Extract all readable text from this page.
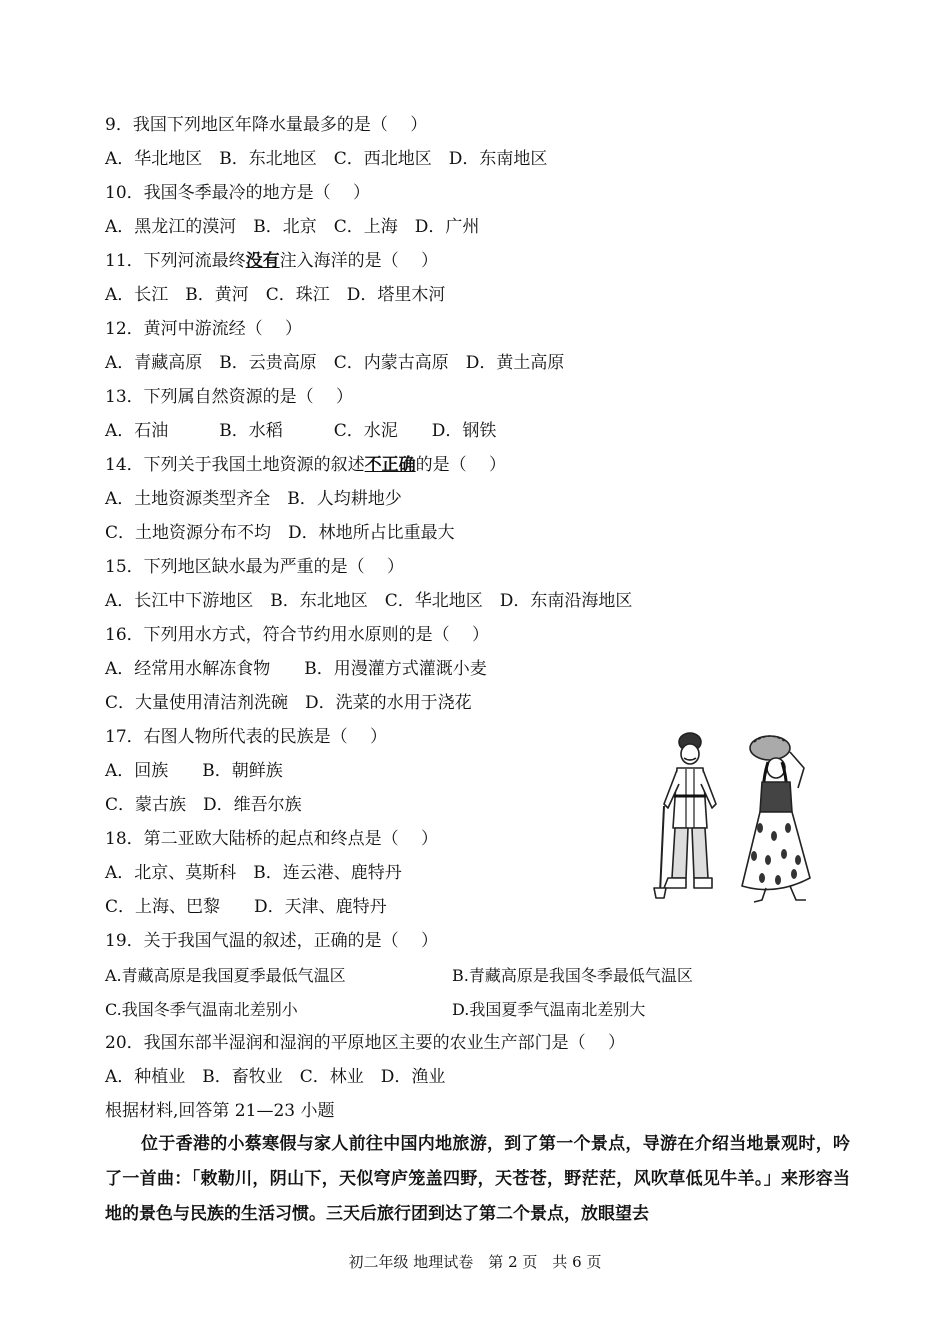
9．我国下列地区年降水量最多的是（　 ）
A．华北地区　B．东北地区　C．西北地区　D．东南地区
10．我国冬季最冷的地方是（　 ）
A．黑龙江的漠河　B．北京　C．上海　D．广州
11．下列河流最终没有注入海洋的是（　 ）
A．长江　B．黄河　C．珠江　D．塔里木河
12．黄河中游流经（　 ）
A．青藏高原　B．云贵高原　C．内蒙古高原　D．黄土高原
13．下列属自然资源的是（　 ）
A．石油　　　B．水稻　　　C．水泥　　D．钢铁
14．下列关于我国土地资源的叙述不正确的是（　 ）
A．土地资源类型齐全　B．人均耕地少
C．土地资源分布不均　D．林地所占比重最大
15．下列地区缺水最为严重的是（　 ）
A．长江中下游地区　B．东北地区　C．华北地区　D．东南沿海地区
16．下列用水方式，符合节约用水原则的是（　 ）
A．经常用水解冻食物　　B．用漫灌方式灌溉小麦
C．大量使用清洁剂洗碗　D．洗菜的水用于浇花
17．右图人物所代表的民族是（　 ）
A．回族　　B．朝鲜族
C．蒙古族　D．维吾尔族
18．第二亚欧大陆桥的起点和终点是（　 ）
A．北京、莫斯科　B．连云港、鹿特丹
C．上海、巴黎　　D．天津、鹿特丹
19．关于我国气温的叙述，正确的是（　 ）
A.青藏高原是我国夏季最低气温区	B.青藏高原是我国冬季最低气温区
C.我国冬季气温南北差别小	D.我国夏季气温南北差别大
20．我国东部半湿润和湿润的平原地区主要的农业生产部门是（　 ）
A．种植业　B．畜牧业　C．林业　D．渔业
根据材料,回答第 21—23 小题
位于香港的小蔡寒假与家人前往中国内地旅游，到了第一个景点，导游在介绍当地景观时，吟了一首曲：「敕勒川，阴山下，天似穹庐笼盖四野，天苍苍，野茫茫，风吹草低见牛羊。」来形容当地的景色与民族的生活习惯。三天后旅行团到达了第二个景点，放眼望去
初二年级 地理试卷　第 2 页　共 6 页
